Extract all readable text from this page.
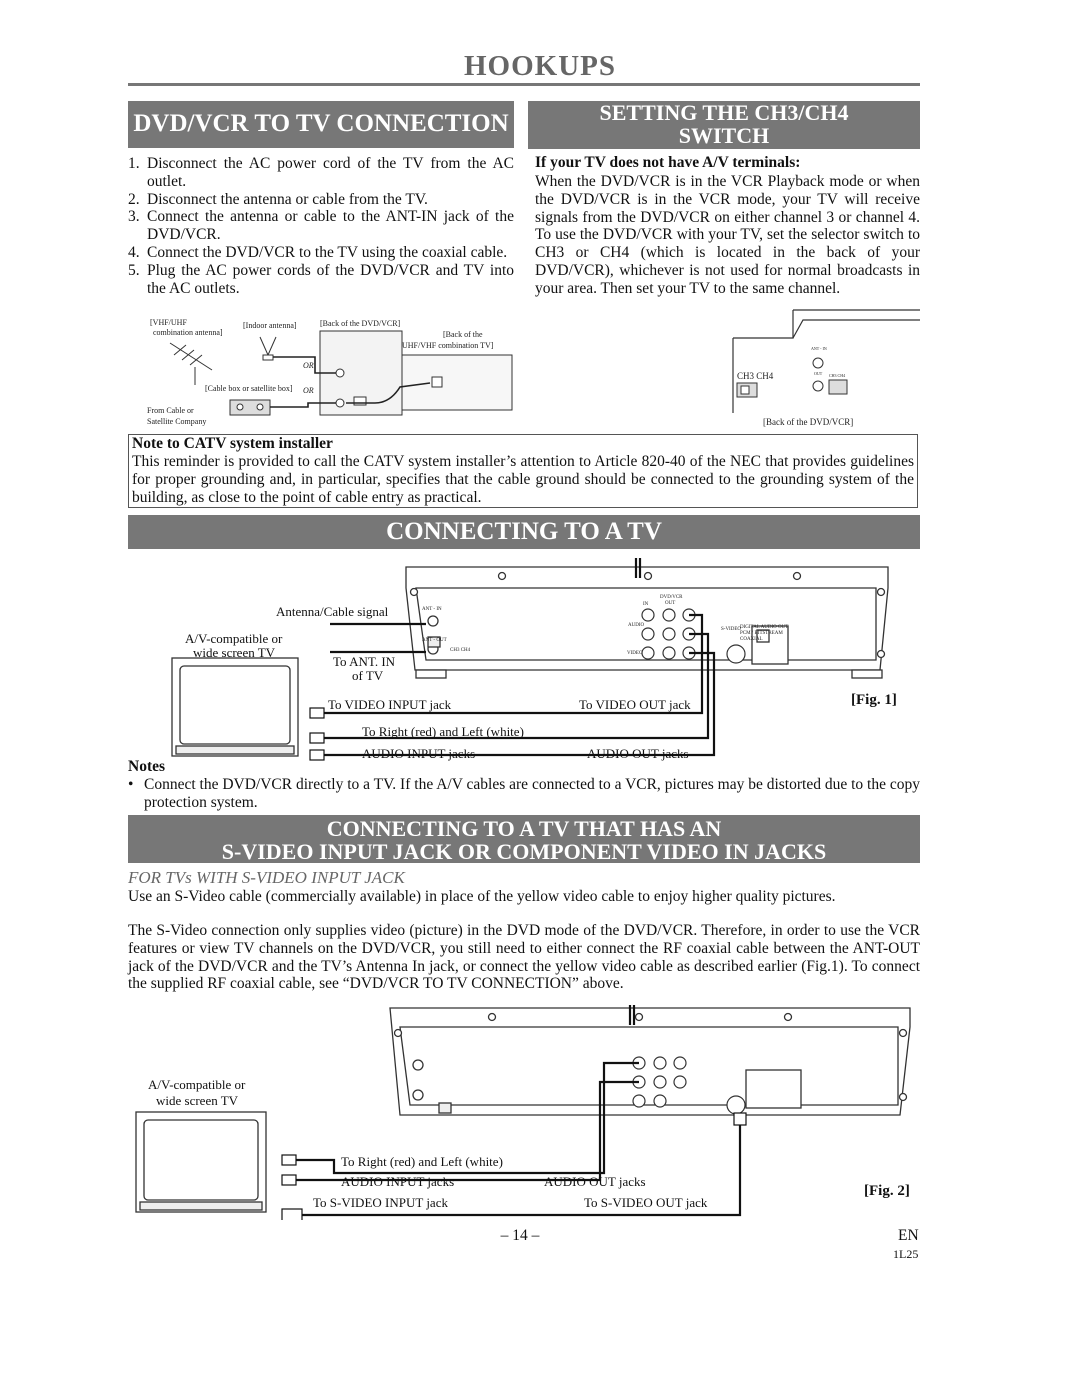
HOOKUPS
DVD/VCR TO TV CONNECTION
1. Disconnect the AC power cord of the TV from the AC outlet.
2. Disconnect the antenna or cable from the TV.
3. Connect the antenna or cable to the ANT-IN jack of the DVD/VCR.
4. Connect the DVD/VCR to the TV using the coaxial cable.
5. Plug the AC power cords of the DVD/VCR and TV into the AC outlets.
[VHF/UHF
combination antenna]
[Indoor antenna]	[Back of the DVD/VCR]
[Back of the
UHF/VHF combination TV]
OR
OR
[Cable box or satellite box]
From Cable or
Satellite Company
SETTING THE CH3/CH4
SWITCH
If your TV does not have A/V terminals:
When the DVD/VCR is in the VCR Playback mode or when the DVD/VCR is in the VCR mode, your TV will receive signals from the DVD/VCR on either channel 3 or channel 4. To use the DVD/VCR with your TV, set the selector switch to CH3 or CH4 (which is located in the back of your DVD/VCR), whichever is not used for normal broadcasts in your area. Then set your TV to the same channel.
CH3 CH4
ANT - IN
OUT CH3 CH4
[Back of the DVD/VCR]
Note to CATV system installer
This reminder is provided to call the CATV system installer’s attention to Article 820-40 of the NEC that provides guidelines for proper grounding and, in particular, specifies that the cable ground should be connected to the grounding system of the building, as close to the point of cable entry as practical.
CONNECTING TO A TV
DVD/VCR
OUT
IN
AUDIO
VIDEO
S-VIDEO DIGITAL AUDIO OUT
PCM / BITSTREAM
COAXIAL
ANT - IN
ANT - OUT
CH3 CH4
Antenna/Cable signal
A/V-compatible or
wide screen TV
To ANT. IN
of TV
To VIDEO INPUT jack	To VIDEO OUT jack
To Right (red) and Left (white)
AUDIO INPUT jacks	AUDIO OUT jacks
[Fig. 1]
Notes
• Connect the DVD/VCR directly to a TV. If the A/V cables are connected to a VCR, pictures may be distorted due to the copy protection system.
CONNECTING TO A TV THAT HAS AN
S-VIDEO INPUT JACK OR COMPONENT VIDEO IN JACKS
FOR TVs WITH S-VIDEO INPUT JACK
Use an S-Video cable (commercially available) in place of the yellow video cable to enjoy higher quality pictures.
The S-Video connection only supplies video (picture) in the DVD mode of the DVD/VCR. Therefore, in order to use the VCR features or view TV channels on the DVD/VCR, you still need to either connect the RF coaxial cable between the ANT-OUT jack of the DVD/VCR and the TV’s Antenna In jack, or connect the yellow video cable as described earlier (Fig.1). To connect the supplied RF coaxial cable, see “DVD/VCR TO TV CONNECTION” above.
A/V-compatible or
wide screen TV
To Right (red) and Left (white)
AUDIO INPUT jacks	AUDIO OUT jacks
To S-VIDEO INPUT jack	To S-VIDEO OUT jack
[Fig. 2]
– 14 –	EN
1L25
